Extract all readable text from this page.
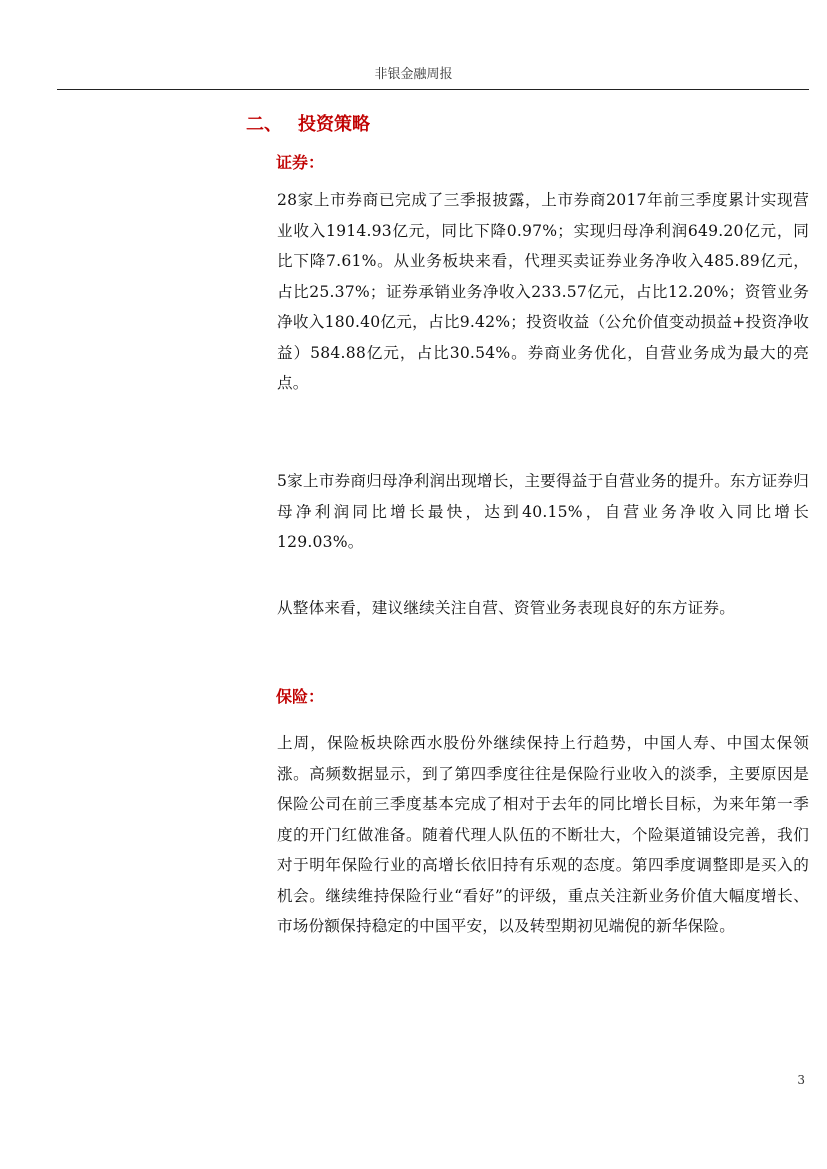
非银金融周报
二、 投资策略
证券：
28家上市券商已完成了三季报披露，上市券商2017年前三季度累计实现营业收入1914.93亿元，同比下降0.97%；实现归母净利润649.20亿元，同比下降7.61%。从业务板块来看，代理买卖证券业务净收入485.89亿元，占比25.37%；证券承销业务净收入233.57亿元，占比12.20%；资管业务净收入180.40亿元，占比9.42%；投资收益（公允价值变动损益+投资净收益）584.88亿元，占比30.54%。券商业务优化，自营业务成为最大的亮点。
5家上市券商归母净利润出现增长，主要得益于自营业务的提升。东方证券归母净利润同比增长最快，达到40.15%，自营业务净收入同比增长129.03%。
从整体来看，建议继续关注自营、资管业务表现良好的东方证券。
保险：
上周，保险板块除西水股份外继续保持上行趋势，中国人寿、中国太保领涨。高频数据显示，到了第四季度往往是保险行业收入的淡季，主要原因是保险公司在前三季度基本完成了相对于去年的同比增长目标，为来年第一季度的开门红做准备。随着代理人队伍的不断壮大，个险渠道铺设完善，我们对于明年保险行业的高增长依旧持有乐观的态度。第四季度调整即是买入的机会。继续维持保险行业“看好”的评级，重点关注新业务价值大幅度增长、市场份额保持稳定的中国平安，以及转型期初见端倪的新华保险。
3
